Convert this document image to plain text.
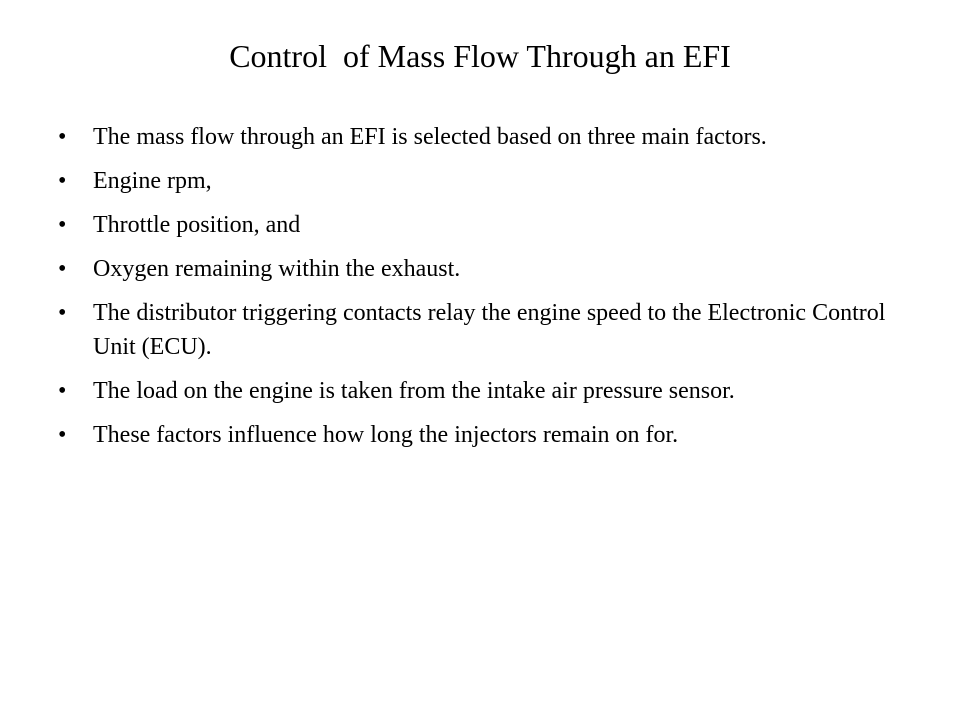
Control  of Mass Flow Through an EFI
•	The mass flow through an EFI is selected based on three main factors.
•	Engine rpm,
•	Throttle position, and
•	Oxygen remaining within the exhaust.
•	The distributor triggering contacts relay the engine speed to the Electronic Control Unit (ECU).
•	The load on the engine is taken from the intake air pressure sensor.
•	These factors influence how long the injectors remain on for.
